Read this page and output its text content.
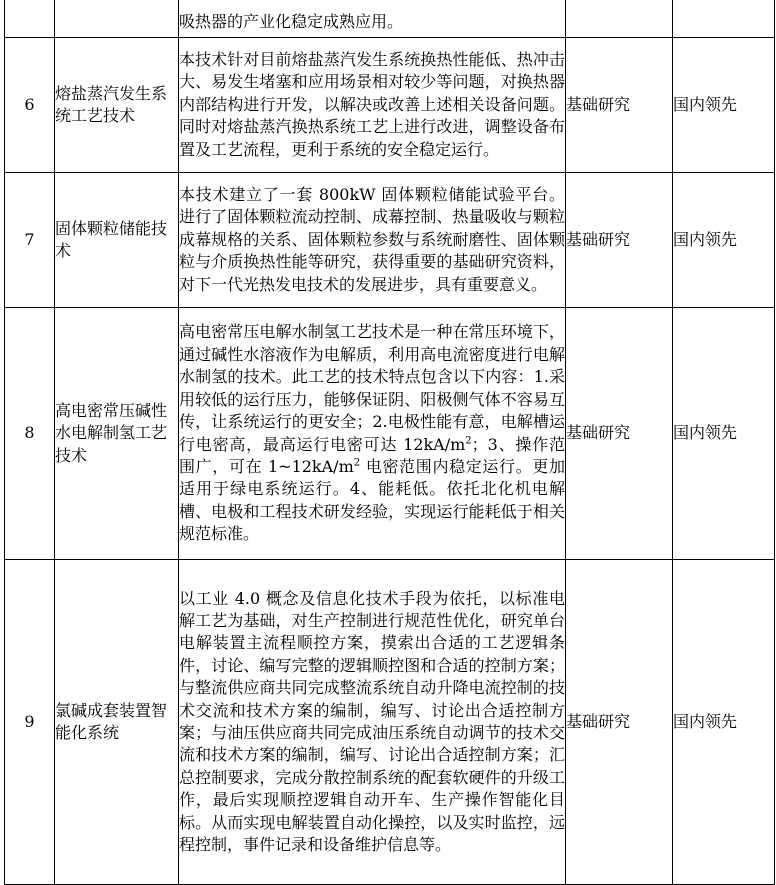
		吸热器的产业化稳定成熟应用。		
6	熔盐蒸汽发生系统工艺技术	本技术针对目前熔盐蒸汽发生系统换热性能低、热冲击大、易发生堵塞和应用场景相对较少等问题，对换热器内部结构进行开发，以解决或改善上述相关设备问题。同时对熔盐蒸汽换热系统工艺上进行改进，调整设备布置及工艺流程，更利于系统的安全稳定运行。	基础研究	国内领先
7	固体颗粒储能技术	本技术建立了一套 800kW 固体颗粒储能试验平台。进行了固体颗粒流动控制、成幕控制、热量吸收与颗粒成幕规格的关系、固体颗粒参数与系统耐磨性、固体颗粒与介质换热性能等研究，获得重要的基础研究资料，对下一代光热发电技术的发展进步，具有重要意义。	基础研究	国内领先
8	高电密常压碱性水电解制氢工艺技术	高电密常压电解水制氢工艺技术是一种在常压环境下，通过碱性水溶液作为电解质，利用高电流密度进行电解水制氢的技术。此工艺的技术特点包含以下内容：1.采用较低的运行压力，能够保证阴、阳极侧气体不容易互传，让系统运行的更安全；2.电极性能有意，电解槽运行电密高，最高运行电密可达 $12kA/m^2$；3、操作范围广，可在 $1\sim 12kA/m^2$ 电密范围内稳定运行。更加适用于绿电系统运行。4、能耗低。依托北化机电解槽、电极和工程技术研发经验，实现运行能耗低于相关规范标准。	基础研究	国内领先
9	氯碱成套装置智能化系统	以工业 4.0 概念及信息化技术手段为依托，以标准电解工艺为基础，对生产控制进行规范性优化，研究单台电解装置主流程顺控方案，摸索出合适的工艺逻辑条件，讨论、编写完整的逻辑顺控图和合适的控制方案；与整流供应商共同完成整流系统自动升降电流控制的技术交流和技术方案的编制，编写、讨论出合适控制方案；与油压供应商共同完成油压系统自动调节的技术交流和技术方案的编制，编写、讨论出合适控制方案；汇总控制要求，完成分散控制系统的配套软硬件的升级工作，最后实现顺控逻辑自动开车、生产操作智能化目标。从而实现电解装置自动化操控，以及实时监控，远程控制，事件记录和设备维护信息等。	基础研究	国内领先
